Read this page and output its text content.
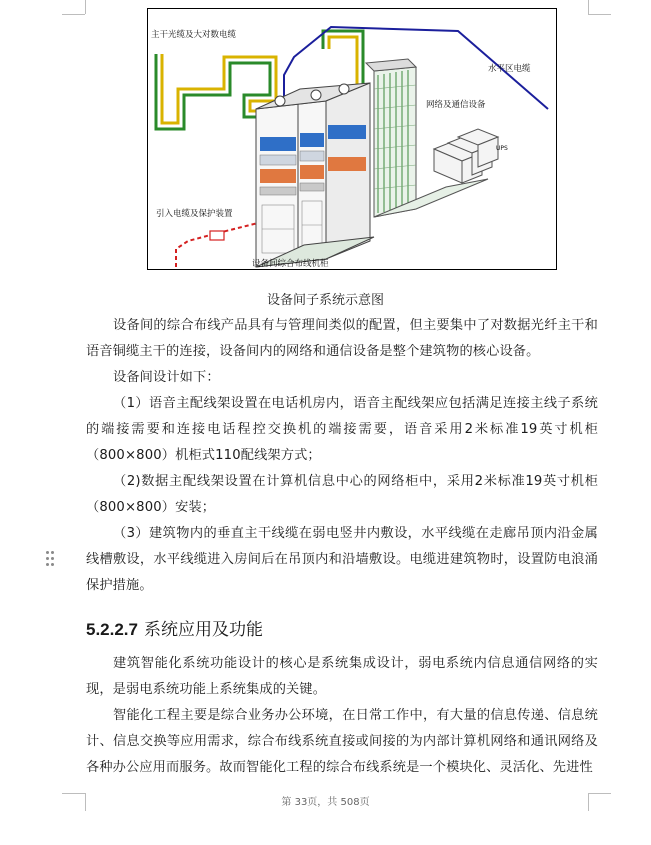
主干光缆及大对数电缆
水平区电缆
网络及通信设备
UPS
引入电缆及保护装置
设备间综合布线机柜
设备间子系统示意图

设备间的综合布线产品具有与管理间类似的配置，但主要集中了对数据光纤主干和语音铜缆主干的连接，设备间内的网络和通信设备是整个建筑物的核心设备。

设备间设计如下：

（1）语音主配线架设置在电话机房内，语音主配线架应包括满足连接主线子系统的端接需要和连接电话程控交换机的端接需要，语音采用2米标准19英寸机柜（800×800）机柜式110配线架方式；

（2)数据主配线架设置在计算机信息中心的网络柜中，采用2米标准19英寸机柜（800×800）安装；

（3）建筑物内的垂直主干线缆在弱电竖井内敷设，水平线缆在走廊吊顶内沿金属线槽敷设，水平线缆进入房间后在吊顶内和沿墙敷设。电缆进建筑物时，设置防电浪涌保护措施。

5.2.2.7 系统应用及功能

建筑智能化系统功能设计的核心是系统集成设计，弱电系统内信息通信网络的实现，是弱电系统功能上系统集成的关键。

智能化工程主要是综合业务办公环境，在日常工作中，有大量的信息传递、信息统计、信息交换等应用需求，综合布线系统直接或间接的为内部计算机网络和通讯网络及各种办公应用而服务。故而智能化工程的综合布线系统是一个模块化、灵活化、先进性

第 33页，共 508页
